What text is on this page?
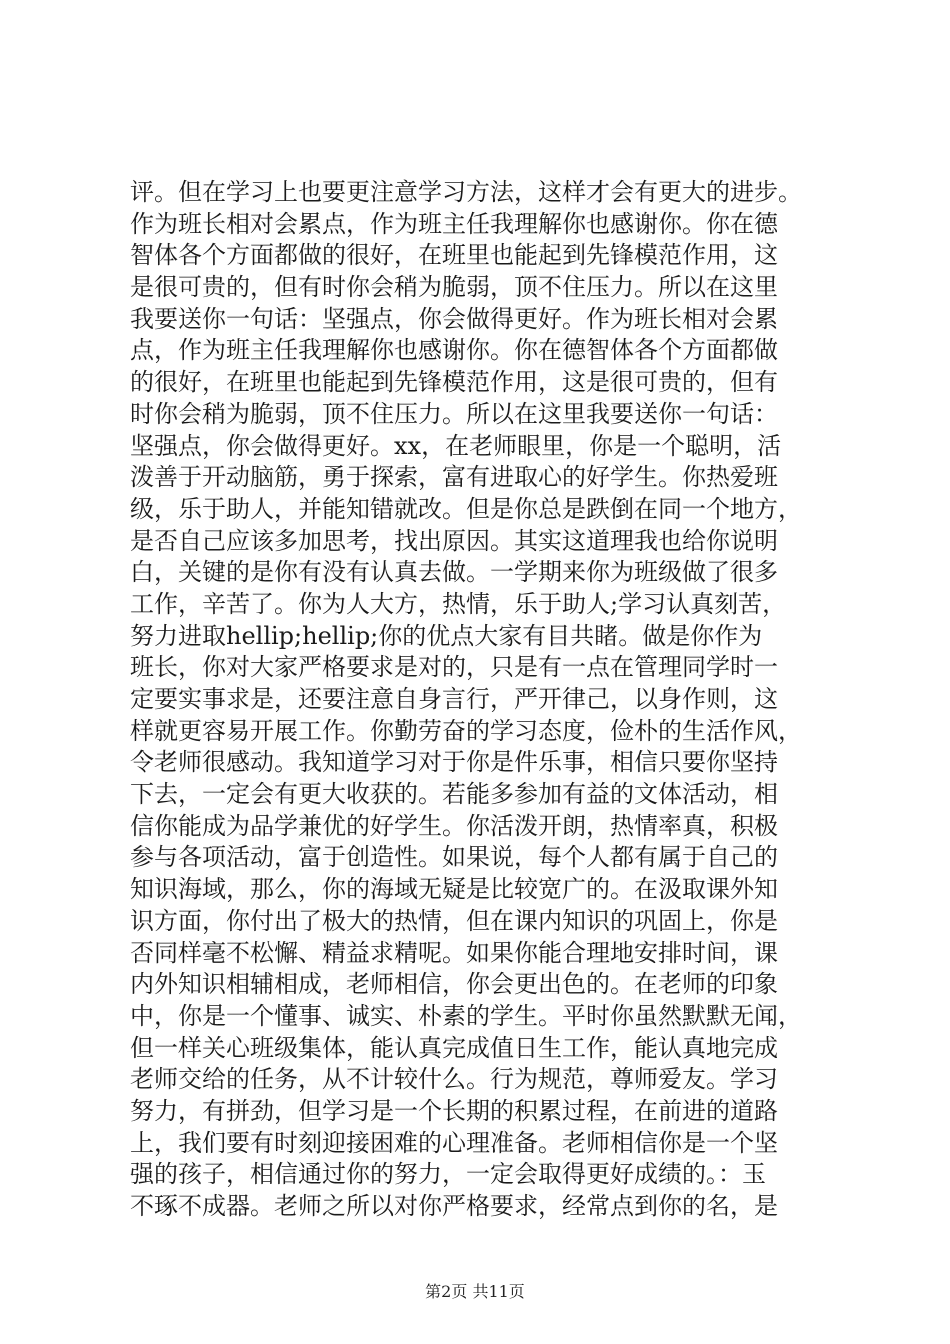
评。但在学习上也要更注意学习方法，这样才会有更大的进步。
作为班长相对会累点，作为班主任我理解你也感谢你。你在德
智体各个方面都做的很好，在班里也能起到先锋模范作用，这
是很可贵的，但有时你会稍为脆弱，顶不住压力。所以在这里
我要送你一句话：坚强点，你会做得更好。作为班长相对会累
点，作为班主任我理解你也感谢你。你在德智体各个方面都做
的很好，在班里也能起到先锋模范作用，这是很可贵的，但有
时你会稍为脆弱，顶不住压力。所以在这里我要送你一句话：
坚强点，你会做得更好。xx，在老师眼里，你是一个聪明，活
泼善于开动脑筋，勇于探索，富有进取心的好学生。你热爱班
级，乐于助人，并能知错就改。但是你总是跌倒在同一个地方，
是否自己应该多加思考，找出原因。其实这道理我也给你说明
白，关键的是你有没有认真去做。一学期来你为班级做了很多
工作，辛苦了。你为人大方，热情，乐于助人;学习认真刻苦，
努力进取hellip;hellip;你的优点大家有目共睹。做是你作为
班长，你对大家严格要求是对的，只是有一点在管理同学时一
定要实事求是，还要注意自身言行，严开律己，以身作则，这
样就更容易开展工作。你勤劳奋的学习态度，俭朴的生活作风，
令老师很感动。我知道学习对于你是件乐事，相信只要你坚持
下去，一定会有更大收获的。若能多参加有益的文体活动，相
信你能成为品学兼优的好学生。你活泼开朗，热情率真，积极
参与各项活动，富于创造性。如果说，每个人都有属于自己的
知识海域，那么，你的海域无疑是比较宽广的。在汲取课外知
识方面，你付出了极大的热情，但在课内知识的巩固上，你是
否同样毫不松懈、精益求精呢。如果你能合理地安排时间，课
内外知识相辅相成，老师相信，你会更出色的。在老师的印象
中，你是一个懂事、诚实、朴素的学生。平时你虽然默默无闻，
但一样关心班级集体，能认真完成值日生工作，能认真地完成
老师交给的任务，从不计较什么。行为规范，尊师爱友。学习
努力，有拼劲，但学习是一个长期的积累过程，在前进的道路
上，我们要有时刻迎接困难的心理准备。老师相信你是一个坚
强的孩子，相信通过你的努力，一定会取得更好成绩的。：玉
不琢不成器。老师之所以对你严格要求，经常点到你的名，是
第2页 共11页
